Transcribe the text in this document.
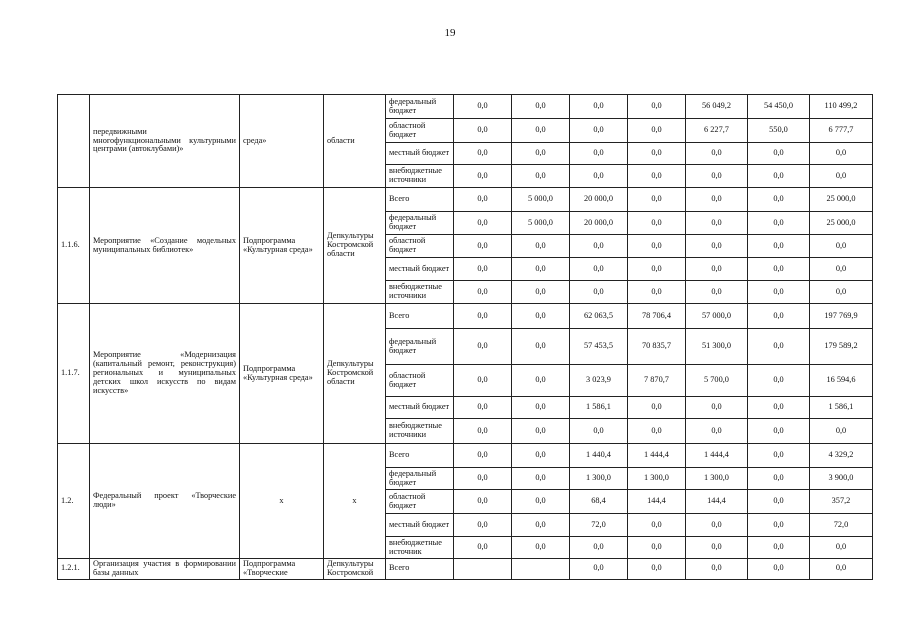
19
	передвижными многофункциональными культурными центрами (автоклубами)»	среда»	области	федеральный бюджет	0,0	0,0	0,0	0,0	56 049,2	54 450,0	110 499,2
				областной бюджет	0,0	0,0	0,0	0,0	6 227,7	550,0	6 777,7
				местный бюджет	0,0	0,0	0,0	0,0	0,0	0,0	0,0
				внебюджетные источники	0,0	0,0	0,0	0,0	0,0	0,0	0,0
1.1.6.	Мероприятие «Создание модельных муниципальных библиотек»	Подпрограмма «Культурная среда»	Депкультуры Костромской области	Всего	0,0	5 000,0	20 000,0	0,0	0,0	0,0	25 000,0
				федеральный бюджет	0,0	5 000,0	20 000,0	0,0	0,0	0,0	25 000,0
				областной бюджет	0,0	0,0	0,0	0,0	0,0	0,0	0,0
				местный бюджет	0,0	0,0	0,0	0,0	0,0	0,0	0,0
				внебюджетные источники	0,0	0,0	0,0	0,0	0,0	0,0	0,0
1.1.7.	Мероприятие «Модернизация (капитальный ремонт, реконструкция) региональных и муниципальных детских школ искусств по видам искусств»	Подпрограмма «Культурная среда»	Депкультуры Костромской области	Всего	0,0	0,0	62 063,5	78 706,4	57 000,0	0,0	197 769,9
				федеральный бюджет	0,0	0,0	57 453,5	70 835,7	51 300,0	0,0	179 589,2
				областной бюджет	0,0	0,0	3 023,9	7 870,7	5 700,0	0,0	16 594,6
				местный бюджет	0,0	0,0	1 586,1	0,0	0,0	0,0	1 586,1
				внебюджетные источники	0,0	0,0	0,0	0,0	0,0	0,0	0,0
1.2.	Федеральный проект «Творческие люди»	х	х	Всего	0,0	0,0	1 440,4	1 444,4	1 444,4	0,0	4 329,2
				федеральный бюджет	0,0	0,0	1 300,0	1 300,0	1 300,0	0,0	3 900,0
				областной бюджет	0,0	0,0	68,4	144,4	144,4	0,0	357,2
				местный бюджет	0,0	0,0	72,0	0,0	0,0	0,0	72,0
				внебюджетные источник	0,0	0,0	0,0	0,0	0,0	0,0	0,0
1.2.1.	Организация участия в формировании базы данных	Подпрограмма «Творческие	Депкультуры Костромской	Всего			0,0	0,0	0,0	0,0	0,0
